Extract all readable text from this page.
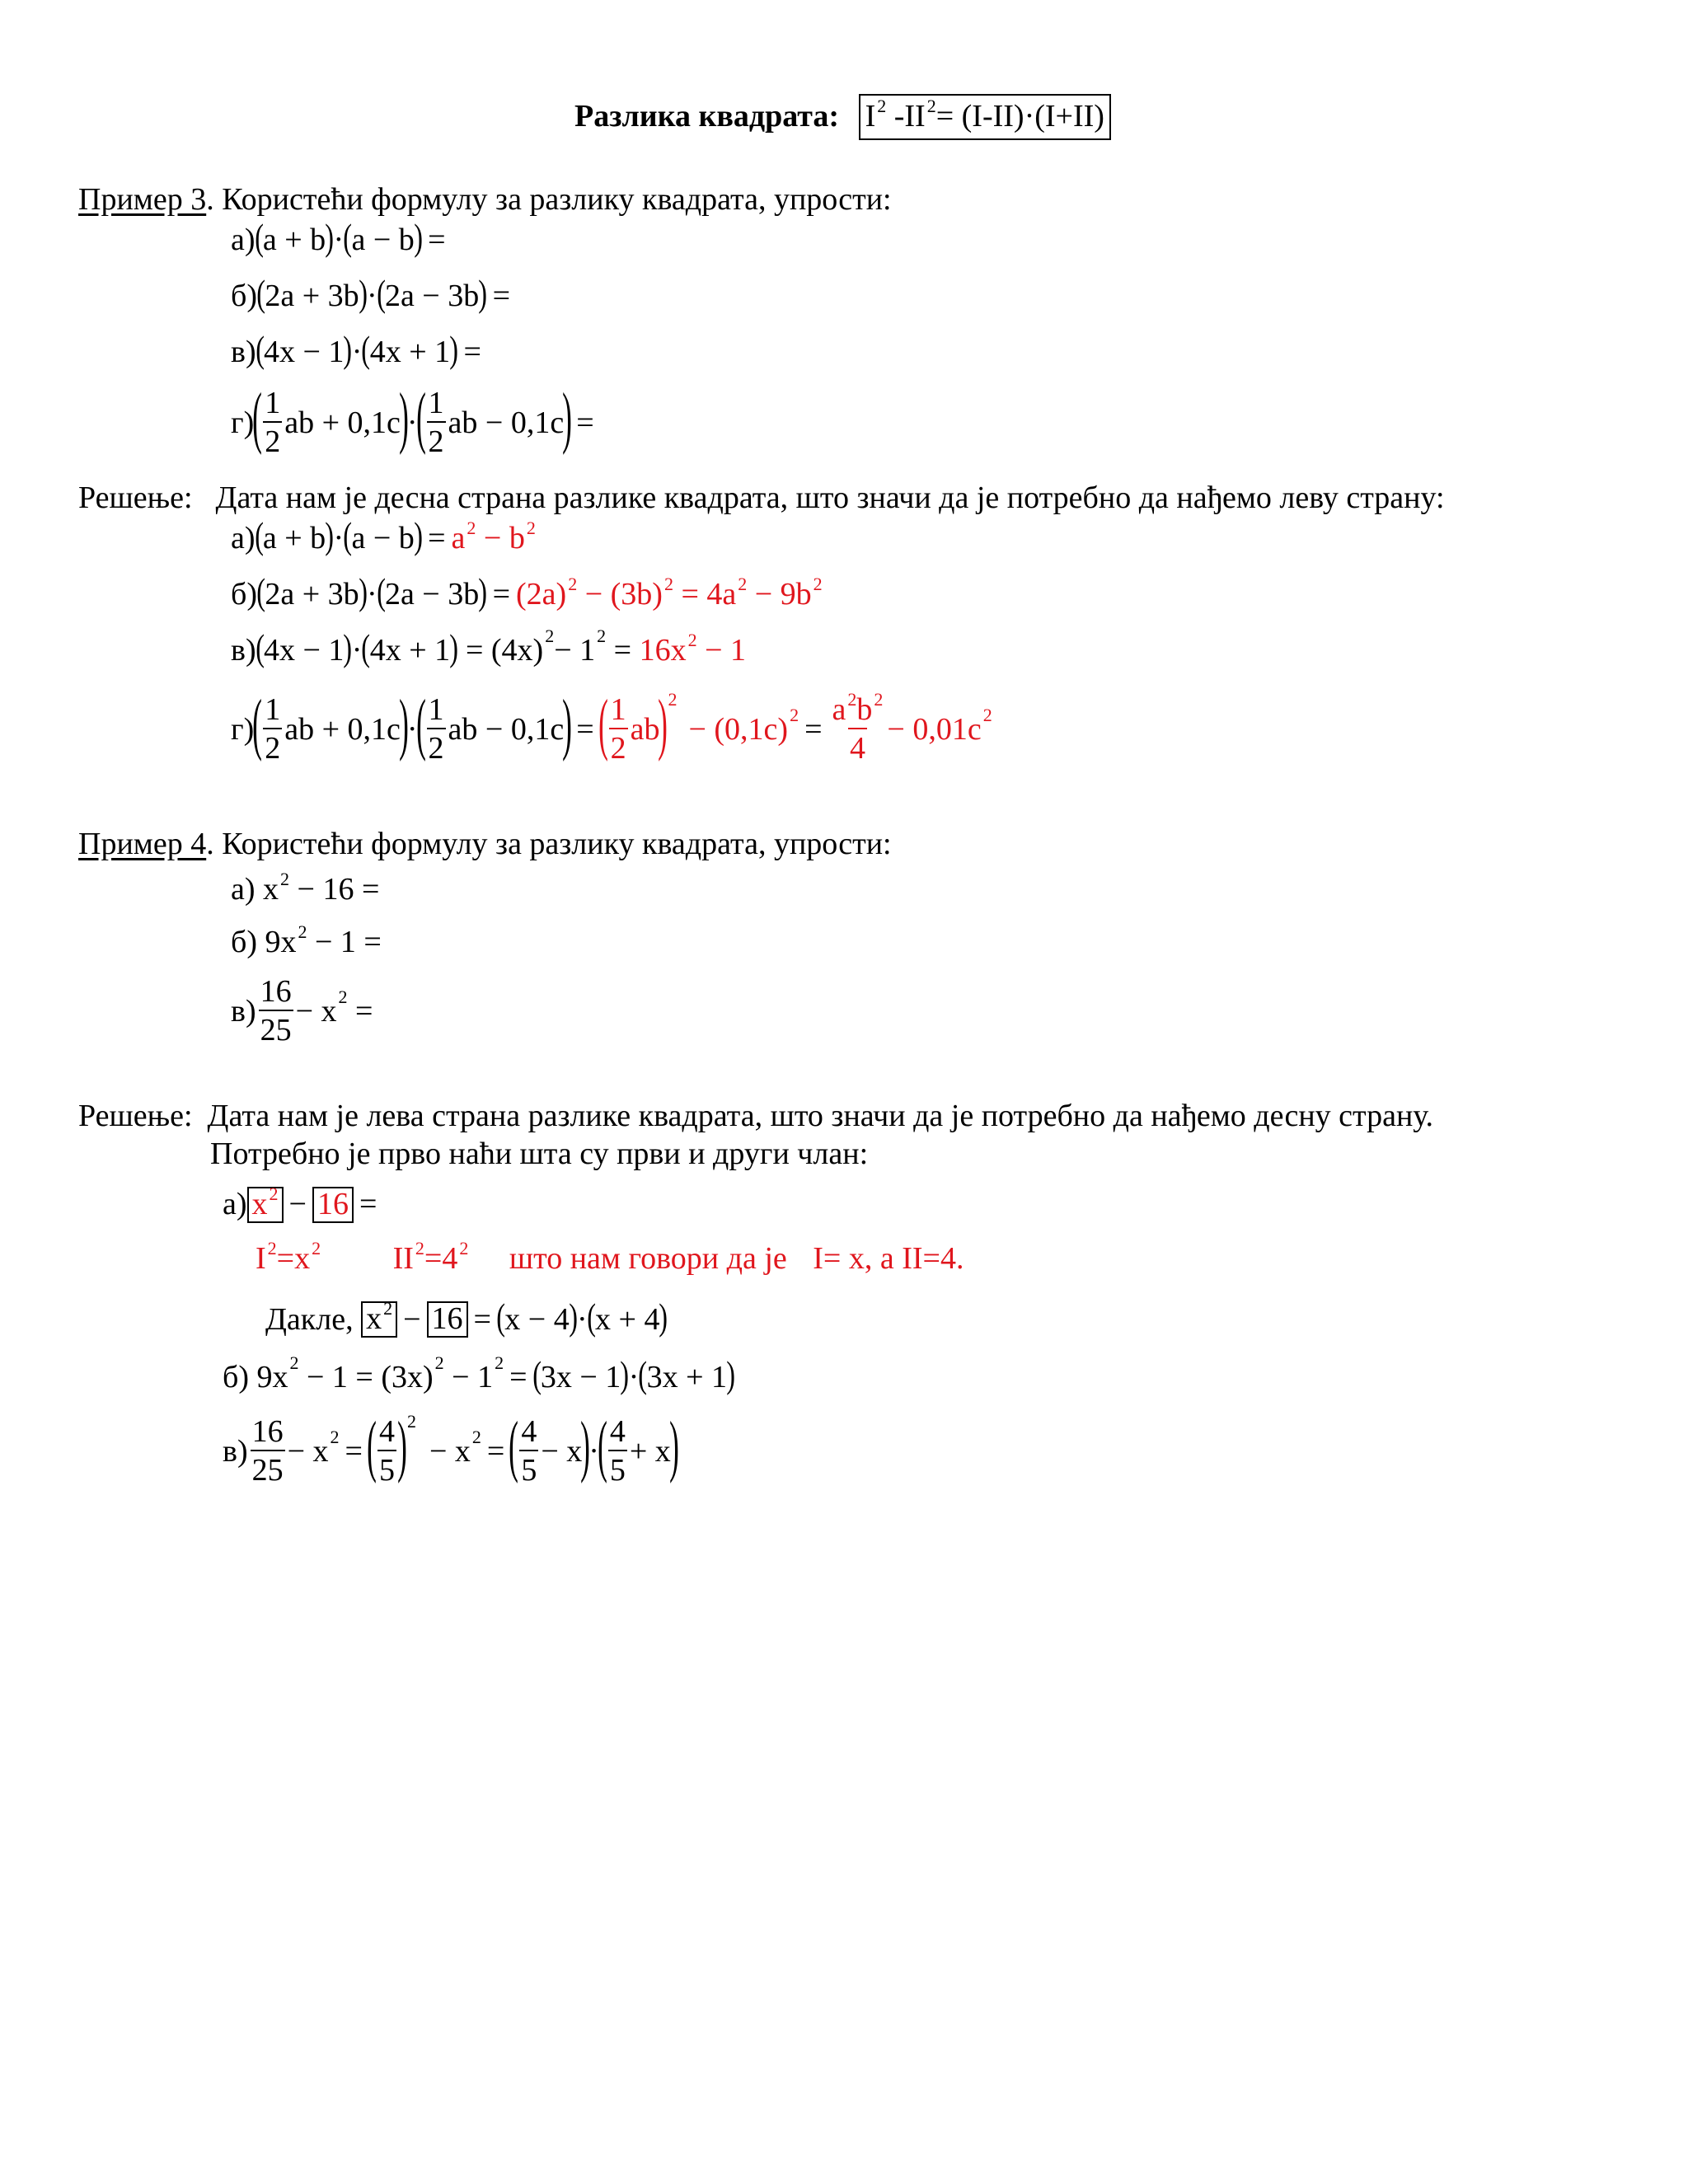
Разлика квадрата: $I^2$ $-II^2= (I-II)\cdot(I+II)$
Пример 3. Користећи формулу за разлику квадрата, упрости:
а) ( a + b ) · ( a − b ) =
б) ( 2a + 3b ) · ( 2a − 3b ) =
в) ( 4x − 1 ) · ( 4x + 1 ) =
г)
( $\frac{1}{2}$ ab + 0,1c
)
·
( $\frac{1}{2}$ ab − 0,1c
) =
Решење: Дата нам је десна страна разлике квадрата, што значи да је потребно да нађемо леву страну:
а) ( a + b ) · ( a − b ) = $a^2 - b^2$
б) ( 2a + 3b ) · ( 2a − 3b ) = $(2a)^2 - (3b)^2 = 4a^2 - 9b^2$
в) ( 4x − 1 ) · ( 4x + 1 )
= $(4x)^2 - 1^2$
=
$16x^2 - 1$
г)
( $\frac{1}{2}$ ab + 0,1c
)
·
( $\frac{1}{2}$ ab − 0,1c
) = ( $\frac{1}{2}$ ab
)$^2$
− $(0,1c)^2 = \frac{a^2b^2}{4} - 0,01c^2$
Пример 4. Користећи формулу за разлику квадрата, упрости:
а) $x^2 - 16$ =
б) $9x^2 - 1$ =
$в) \frac{16}{25} - x^2$
=
Решење: Дата нам је лева страна разлике квадрата, што значи да је потребно да нађемо десну страну.
Потребно је прво наћи шта су први и други члан:
а) $x^2 - 16$ =
$I^2=x^2$ $II^2=4^2$ што нам говори да је I= x, а II=4.
Дакле,
$x^2 - 16$ = ( x − 4 ) · ( x + 4 )
б)
$9x^2$
− $1 = (3x)^2$
− $1^2$ = ( 3x − 1 ) · ( 3x + 1 )
$в) \frac{16}{25} - x^2$ = ( $\frac{4}{5} )^2$
− $x^2$ = ( $\frac{4}{5} - x$
)
·
( $\frac{4}{5} + x$
)
